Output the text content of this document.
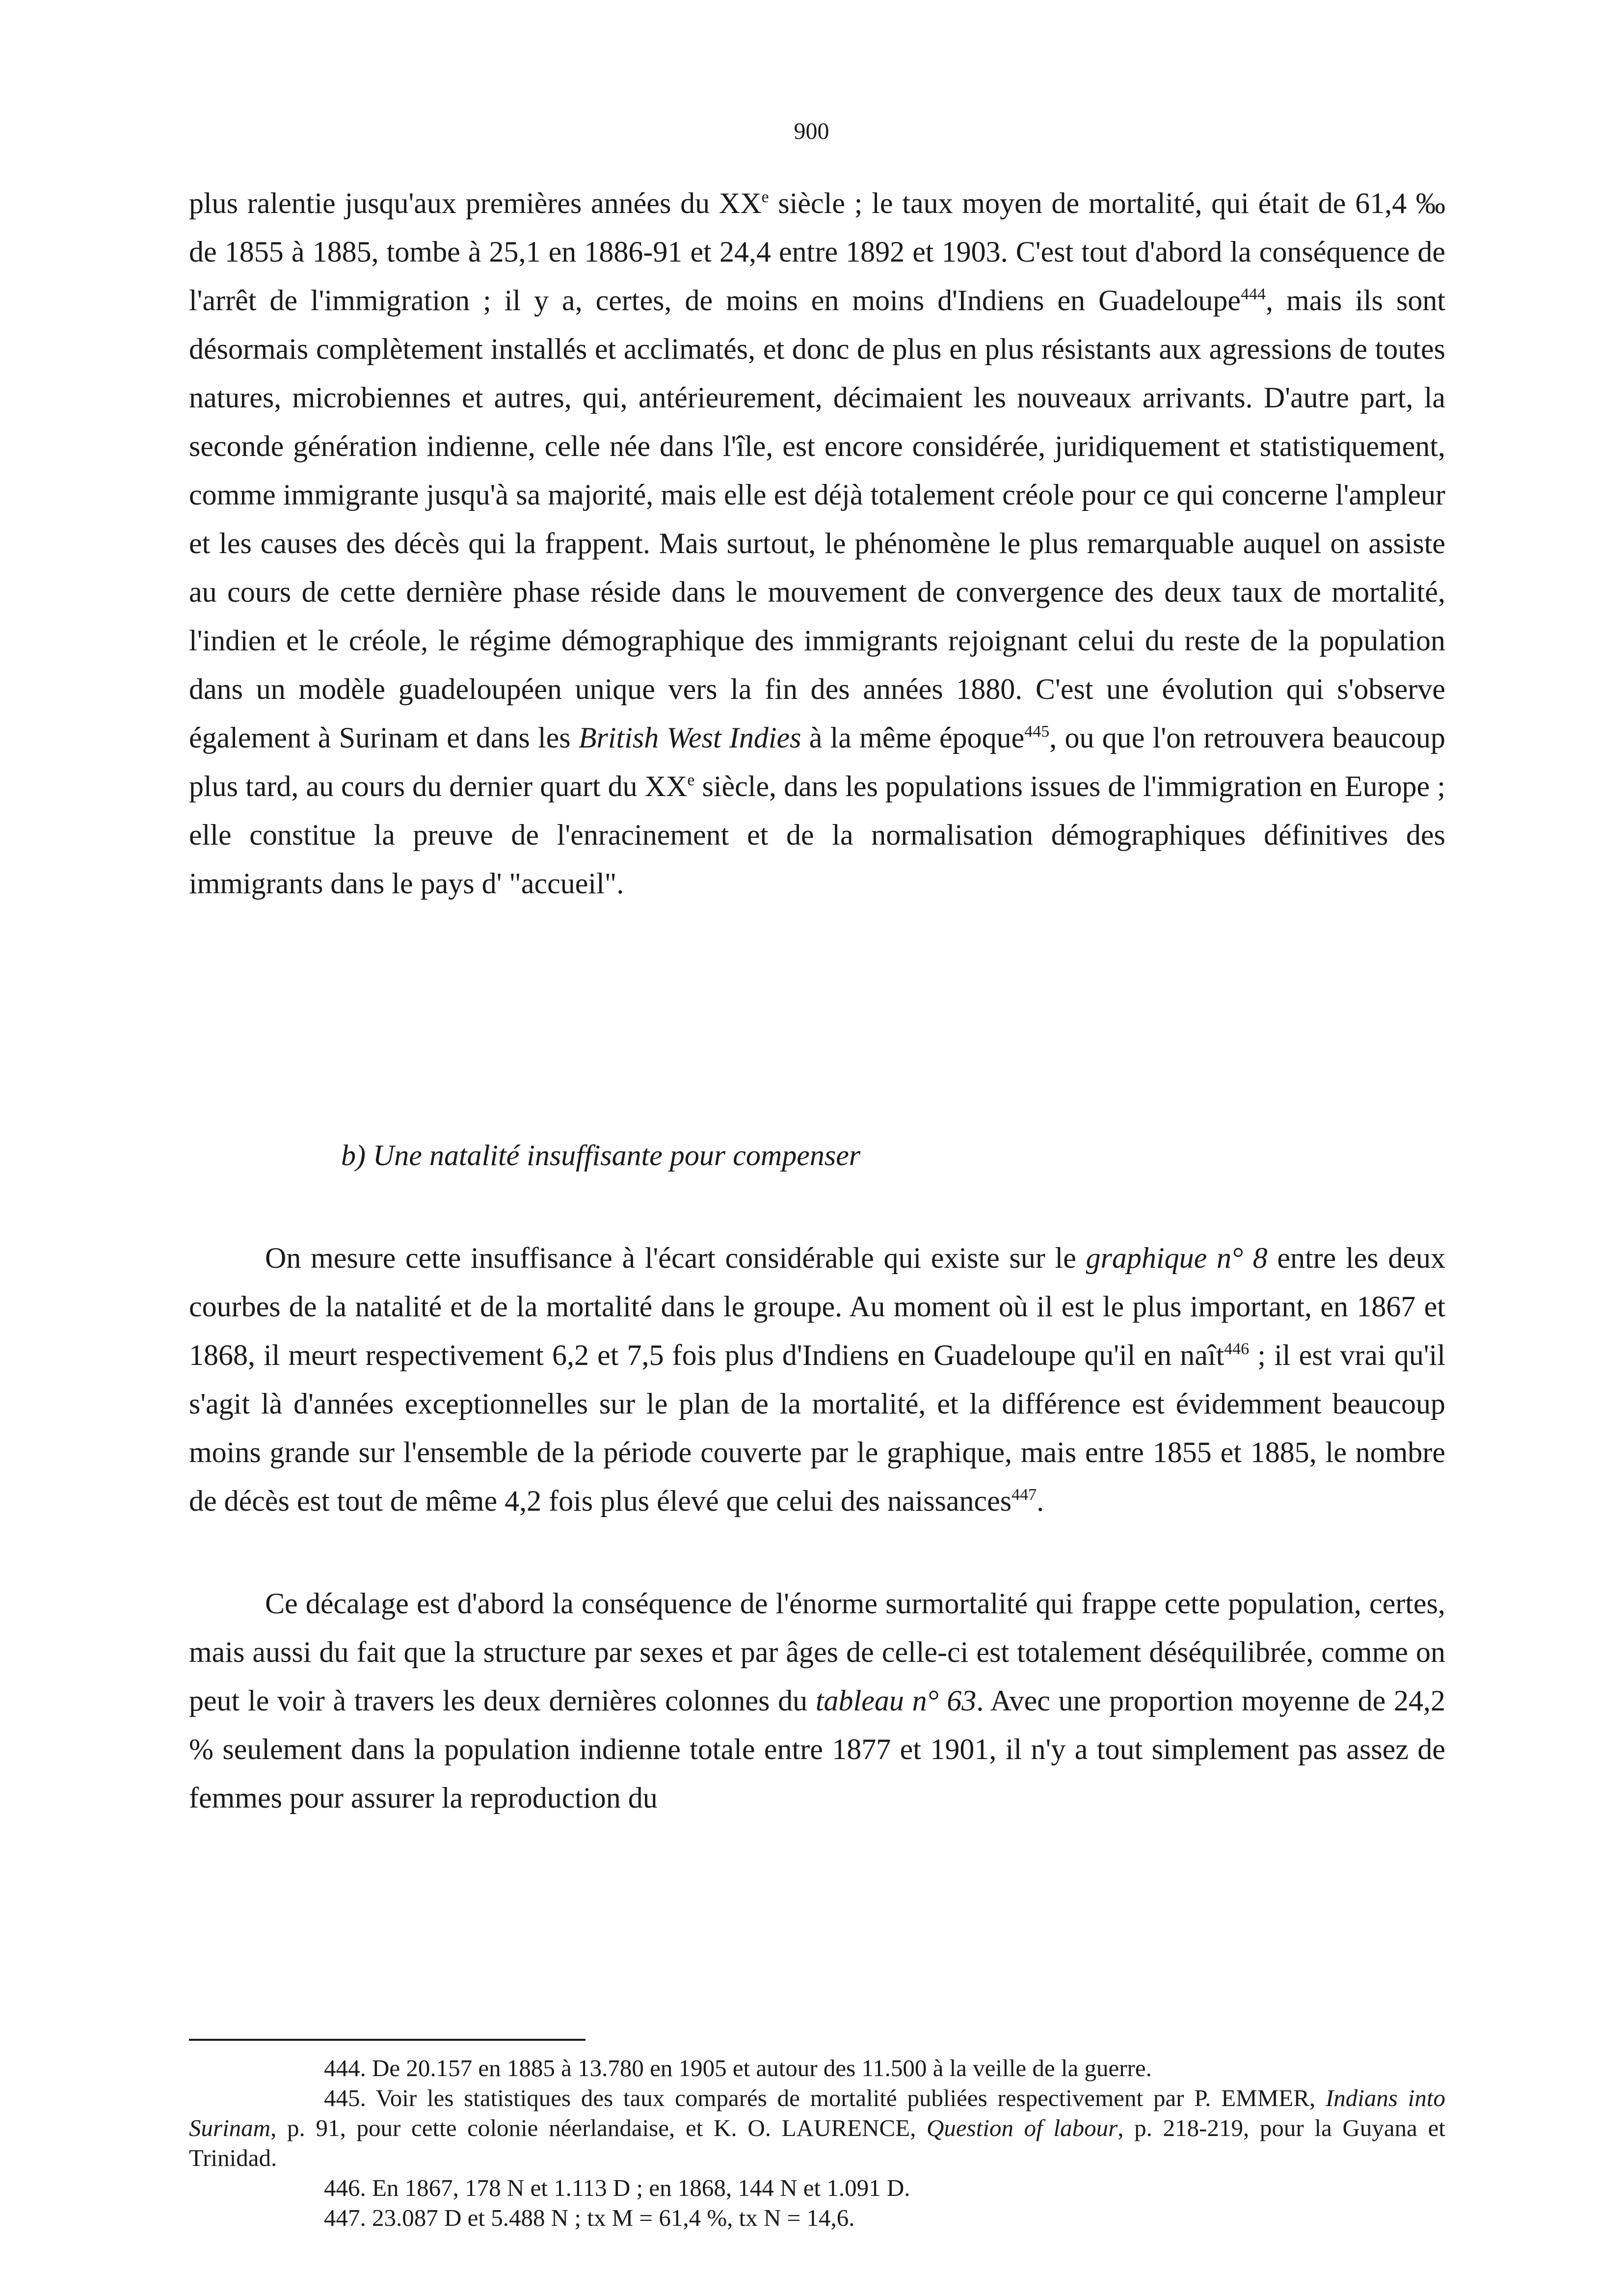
900

plus ralentie jusqu'aux premières années du XXe siècle ; le taux moyen de mortalité, qui était de 61,4 ‰ de 1855 à 1885, tombe à 25,1 en 1886-91 et 24,4 entre 1892 et 1903. C'est tout d'abord la conséquence de l'arrêt de l'immigration ; il y a, certes, de moins en moins d'Indiens en Guadeloupe$^{444}$, mais ils sont désormais complètement installés et acclimatés, et donc de plus en plus résistants aux agressions de toutes natures, microbiennes et autres, qui, antérieurement, décimaient les nouveaux arrivants. D'autre part, la seconde génération indienne, celle née dans l'île, est encore considérée, juridiquement et statistiquement, comme immigrante jusqu'à sa majorité, mais elle est déjà totalement créole pour ce qui concerne l'ampleur et les causes des décès qui la frappent. Mais surtout, le phénomène le plus remarquable auquel on assiste au cours de cette dernière phase réside dans le mouvement de convergence des deux taux de mortalité, l'indien et le créole, le régime démographique des immigrants rejoignant celui du reste de la population dans un modèle guadeloupéen unique vers la fin des années 1880. C'est une évolution qui s'observe également à Surinam et dans les British West Indies à la même époque$^{445}$, ou que l'on retrouvera beaucoup plus tard, au cours du dernier quart du XXe siècle, dans les populations issues de l'immigration en Europe ; elle constitue la preuve de l'enracinement et de la normalisation démographiques définitives des immigrants dans le pays d' "accueil".

b) Une natalité insuffisante pour compenser

On mesure cette insuffisance à l'écart considérable qui existe sur le graphique n° 8 entre les deux courbes de la natalité et de la mortalité dans le groupe. Au moment où il est le plus important, en 1867 et 1868, il meurt respectivement 6,2 et 7,5 fois plus d'Indiens en Guadeloupe qu'il en naît$^{446}$ ; il est vrai qu'il s'agit là d'années exceptionnelles sur le plan de la mortalité, et la différence est évidemment beaucoup moins grande sur l'ensemble de la période couverte par le graphique, mais entre 1855 et 1885, le nombre de décès est tout de même 4,2 fois plus élevé que celui des naissances$^{447}$.

Ce décalage est d'abord la conséquence de l'énorme surmortalité qui frappe cette population, certes, mais aussi du fait que la structure par sexes et par âges de celle-ci est totalement déséquilibrée, comme on peut le voir à travers les deux dernières colonnes du tableau n° 63. Avec une proportion moyenne de 24,2 % seulement dans la population indienne totale entre 1877 et 1901, il n'y a tout simplement pas assez de femmes pour assurer la reproduction du

444. De 20.157 en 1885 à 13.780 en 1905 et autour des 11.500 à la veille de la guerre.

445. Voir les statistiques des taux comparés de mortalité publiées respectivement par P. EMMER, Indians into Surinam, p. 91, pour cette colonie néerlandaise, et K. O. LAURENCE, Question of labour, p. 218-219, pour la Guyana et Trinidad.

446. En 1867, 178 N et 1.113 D ; en 1868, 144 N et 1.091 D.

447. 23.087 D et 5.488 N ; tx M = 61,4 %, tx N = 14,6.
